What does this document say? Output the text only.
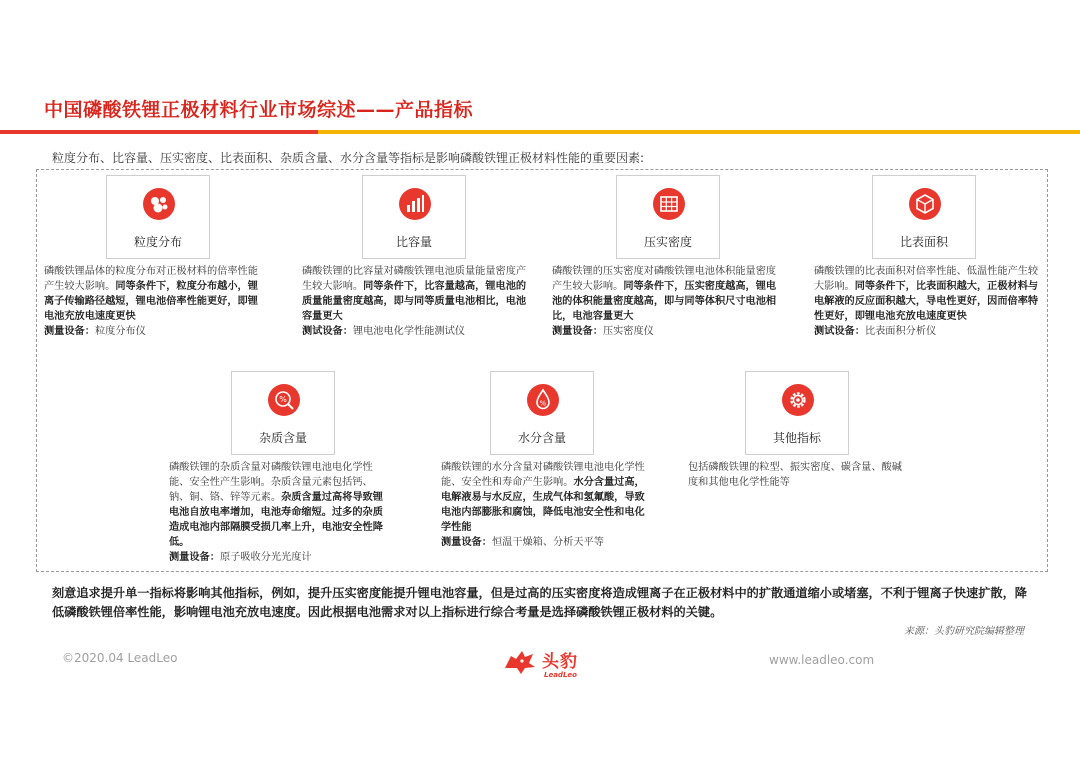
中国磷酸铁锂正极材料行业市场综述——产品指标
粒度分布、比容量、压实密度、比表面积、杂质含量、水分含量等指标是影响磷酸铁锂正极材料性能的重要因素:
粒度分布	比容量	压实密度	比表面积
磷酸铁锂晶体的粒度分布对正极材料的倍率性能产生较大影响。同等条件下，粒度分布越小，锂离子传输路径越短，锂电池倍率性能更好，即锂电池充放电速度更快
测量设备：粒度分布仪
磷酸铁锂的比容量对磷酸铁锂电池质量能量密度产生较大影响。同等条件下，比容量越高，锂电池的质量能量密度越高，即与同等质量电池相比，电池容量更大
测试设备：锂电池电化学性能测试仪
磷酸铁锂的压实密度对磷酸铁锂电池体积能量密度产生较大影响。同等条件下，压实密度越高，锂电池的体积能量密度越高，即与同等体积尺寸电池相比，电池容量更大
测量设备：压实密度仪
磷酸铁锂的比表面积对倍率性能、低温性能产生较大影响。同等条件下，比表面积越大，正极材料与电解液的反应面积越大，导电性更好，因而倍率特性更好，即锂电池充放电速度更快
测试设备：比表面积分析仪
%
杂质含量
%
水分含量	其他指标
磷酸铁锂的杂质含量对磷酸铁锂电池电化学性能、安全性产生影响。杂质含量元素包括钙、钠、铜、铬、锌等元素。杂质含量过高将导致锂电池自放电率增加，电池寿命缩短。过多的杂质造成电池内部隔膜受损几率上升，电池安全性降低。
测量设备：原子吸收分光光度计
磷酸铁锂的水分含量对磷酸铁锂电池电化学性能、安全性和寿命产生影响。水分含量过高，电解液易与水反应，生成气体和氢氟酸，导致电池内部膨胀和腐蚀，降低电池安全性和电化学性能
测量设备：恒温干燥箱、分析天平等
包括磷酸铁锂的粒型、振实密度、碳含量、酸碱度和其他电化学性能等
刻意追求提升单一指标将影响其他指标，例如，提升压实密度能提升锂电池容量，但是过高的压实密度将造成锂离子在正极材料中的扩散通道缩小或堵塞，不利于锂离子快速扩散，降低磷酸铁锂倍率性能，影响锂电池充放电速度。因此根据电池需求对以上指标进行综合考量是选择磷酸铁锂正极材料的关键。
来源：头豹研究院编辑整理
©2020.04 LeadLeo	头豹
LeadLeo
www.leadleo.com
